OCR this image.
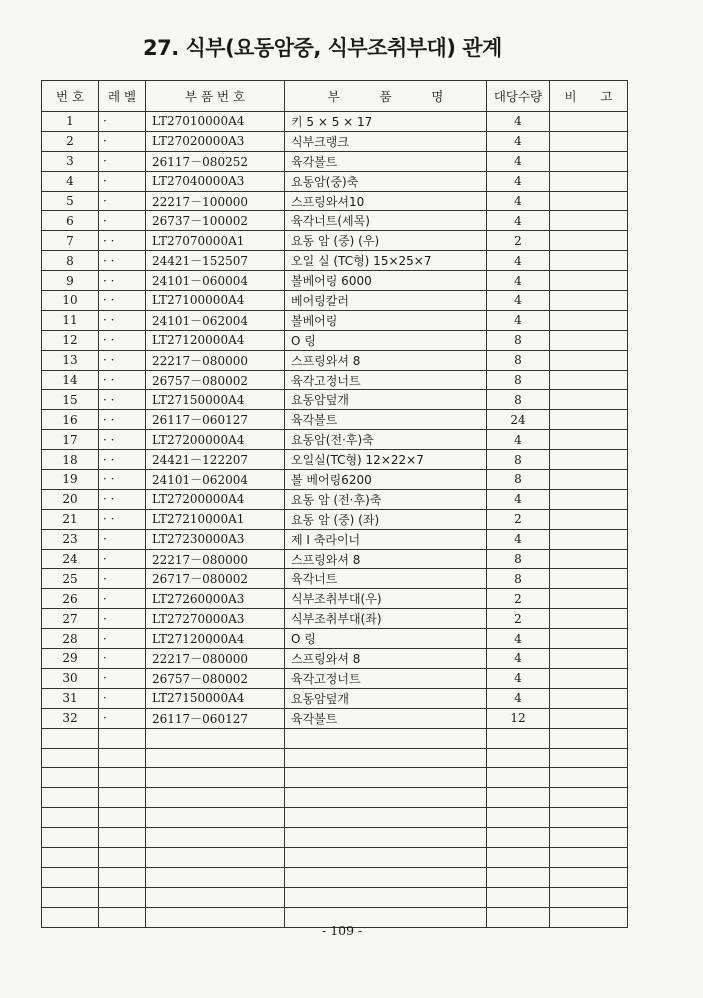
27. 식부(요동암중, 식부조취부대) 관계
번 호	레 벨	부 품 번 호	부          품          명	대당수량	비      고
1	·	LT27010000A4	키 5 × 5 × 17	4	
2	·	LT27020000A3	식부크랭크	4	
3	·	26117－080252	육각볼트	4	
4	·	LT27040000A3	요동암(중)축	4	
5	·	22217－100000	스프링와셔10	4	
6	·	26737－100002	육각너트(세목)	4	
7	· ·	LT27070000A1	요동 암 (중) (우)	2	
8	· ·	24421－152507	오일 실 (TC형) 15×25×7	4	
9	· ·	24101－060004	볼베어링 6000	4	
10	· ·	LT27100000A4	베어링칼러	4	
11	· ·	24101－062004	볼베어링	4	
12	· ·	LT27120000A4	O 링	8	
13	· ·	22217－080000	스프링와셔 8	8	
14	· ·	26757－080002	육각고정너트	8	
15	· ·	LT27150000A4	요동암덮개	8	
16	· ·	26117－060127	육각볼트	24	
17	· ·	LT27200000A4	요동암(전·후)축	4	
18	· ·	24421－122207	오일실(TC형) 12×22×7	8	
19	· ·	24101－062004	볼 베어링6200	8	
20	· ·	LT27200000A4	요동 암 (전·후)축	4	
21	· ·	LT27210000A1	요동 암 (중) (좌)	2	
23	·	LT27230000A3	제 I 축라이너	4	
24	·	22217－080000	스프링와셔 8	8	
25	·	26717－080002	육각너트	8	
26	·	LT27260000A3	식부조취부대(우)	2	
27	·	LT27270000A3	식부조취부대(좌)	2	
28	·	LT27120000A4	O 링	4	
29	·	22217－080000	스프링와셔 8	4	
30	·	26757－080002	육각고정너트	4	
31	·	LT27150000A4	요동암덮개	4	
32	·	26117－060127	육각볼트	12	

- 109 -
